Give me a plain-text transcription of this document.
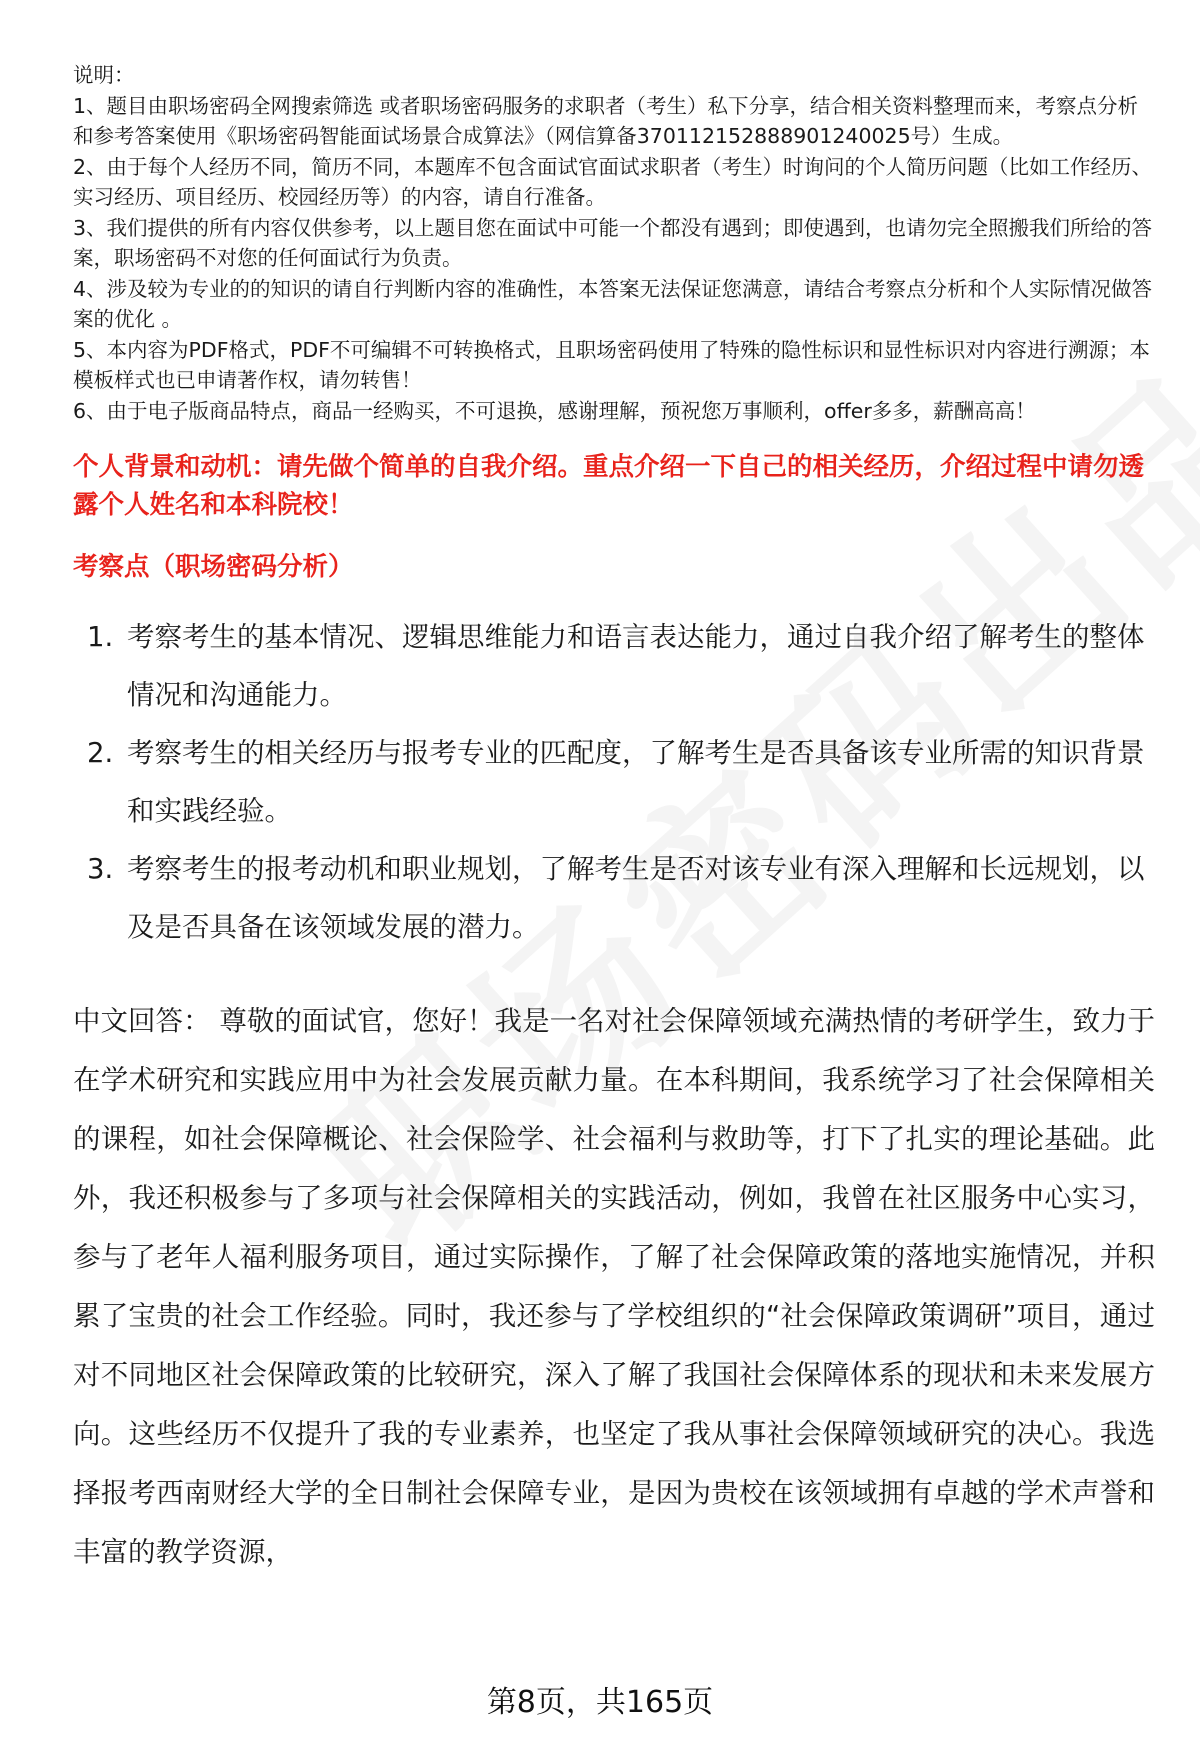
说明：

1、题目由职场密码全网搜索筛选 或者职场密码服务的求职者（考生）私下分享，结合相关资料整理而来，考察点分析和参考答案使用《职场密码智能面试场景合成算法》（网信算备370112152888901240025号）生成。

2、由于每个人经历不同，简历不同，本题库不包含面试官面试求职者（考生）时询问的个人简历问题（比如工作经历、实习经历、项目经历、校园经历等）的内容，请自行准备。

3、我们提供的所有内容仅供参考，以上题目您在面试中可能一个都没有遇到；即使遇到，也请勿完全照搬我们所给的答案，职场密码不对您的任何面试行为负责。

4、涉及较为专业的的知识的请自行判断内容的准确性，本答案无法保证您满意，请结合考察点分析和个人实际情况做答案的优化 。

5、本内容为PDF格式，PDF不可编辑不可转换格式，且职场密码使用了特殊的隐性标识和显性标识对内容进行溯源；本模板样式也已申请著作权，请勿转售！

6、由于电子版商品特点，商品一经购买，不可退换，感谢理解，预祝您万事顺利，offer多多，薪酬高高！

个人背景和动机：请先做个简单的自我介绍。重点介绍一下自己的相关经历，介绍过程中请勿透露个人姓名和本科院校！
考察点（职场密码分析）
1. 考察考生的基本情况、逻辑思维能力和语言表达能力，通过自我介绍了解考生的整体情况和沟通能力。
2. 考察考生的相关经历与报考专业的匹配度，了解考生是否具备该专业所需的知识背景和实践经验。
3. 考察考生的报考动机和职业规划，了解考生是否对该专业有深入理解和长远规划，以及是否具备在该领域发展的潜力。
中文回答： 尊敬的面试官，您好！我是一名对社会保障领域充满热情的考研学生，致力于在学术研究和实践应用中为社会发展贡献力量。在本科期间，我系统学习了社会保障相关的课程，如社会保障概论、社会保险学、社会福利与救助等，打下了扎实的理论基础。此外，我还积极参与了多项与社会保障相关的实践活动，例如，我曾在社区服务中心实习，参与了老年人福利服务项目，通过实际操作，了解了社会保障政策的落地实施情况，并积累了宝贵的社会工作经验。同时，我还参与了学校组织的“社会保障政策调研”项目，通过对不同地区社会保障政策的比较研究，深入了解了我国社会保障体系的现状和未来发展方向。这些经历不仅提升了我的专业素养，也坚定了我从事社会保障领域研究的决心。我选择报考西南财经大学的全日制社会保障专业，是因为贵校在该领域拥有卓越的学术声誉和丰富的教学资源，
第8页，共165页
